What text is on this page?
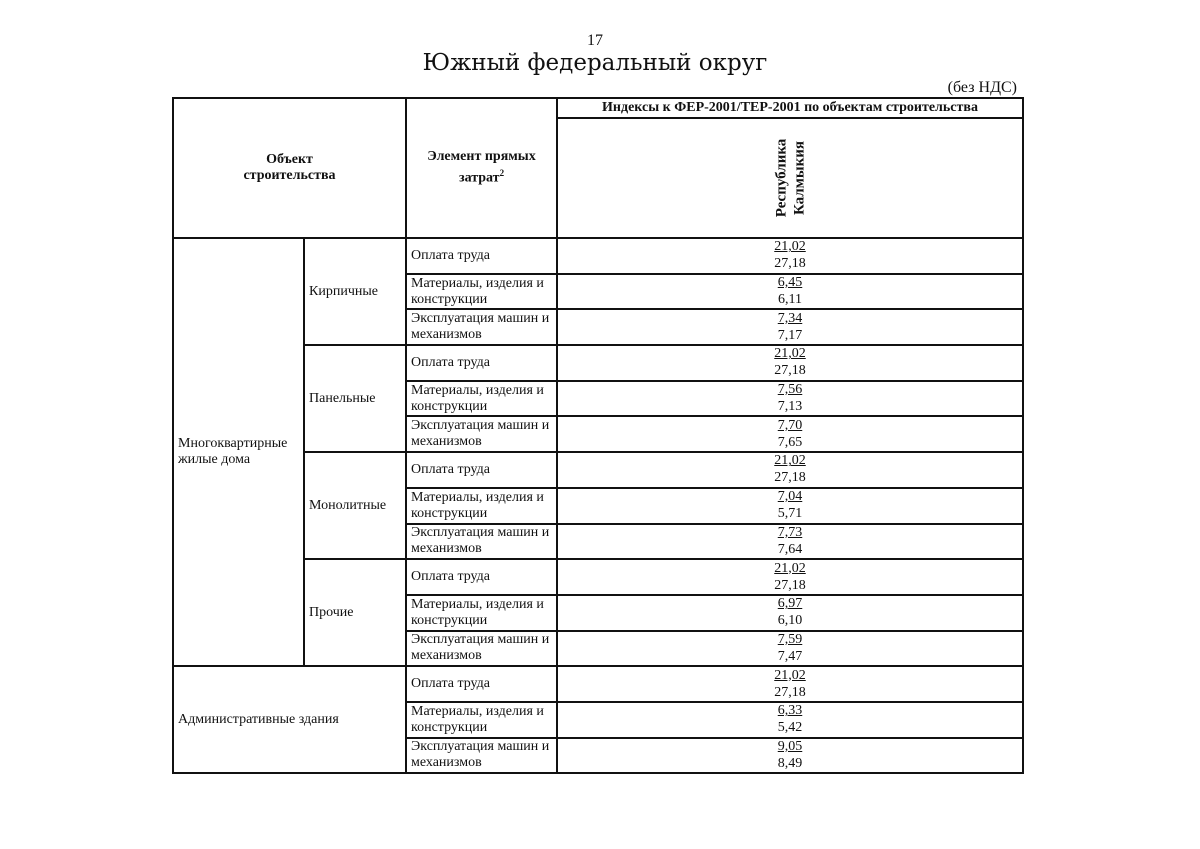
17
Южный федеральный округ
(без НДС)
Объект
строительства		Элемент прямых затрат$^2$	Индексы к ФЕР-2001/ТЕР-2001 по объектам строительства

			Республика Калмыкия

Многоквартирные
жилые дома	Кирпичные	Оплата труда	21,02
27,18

		Материалы, изделия и конструкции	6,45
6,11

		Эксплуатация машин и механизмов	7,34
7,17

	Панельные	Оплата труда	21,02
27,18

		Материалы, изделия и конструкции	7,56
7,13

		Эксплуатация машин и механизмов	7,70
7,65

	Монолитные	Оплата труда	21,02
27,18

		Материалы, изделия и конструкции	7,04
5,71

		Эксплуатация машин и механизмов	7,73
7,64

	Прочие	Оплата труда	21,02
27,18

		Материалы, изделия и конструкции	6,97
6,10

		Эксплуатация машин и механизмов	7,59
7,47

Административные здания		Оплата труда	21,02
27,18

		Материалы, изделия и конструкции	6,33
5,42

		Эксплуатация машин и механизмов	9,05
8,49
